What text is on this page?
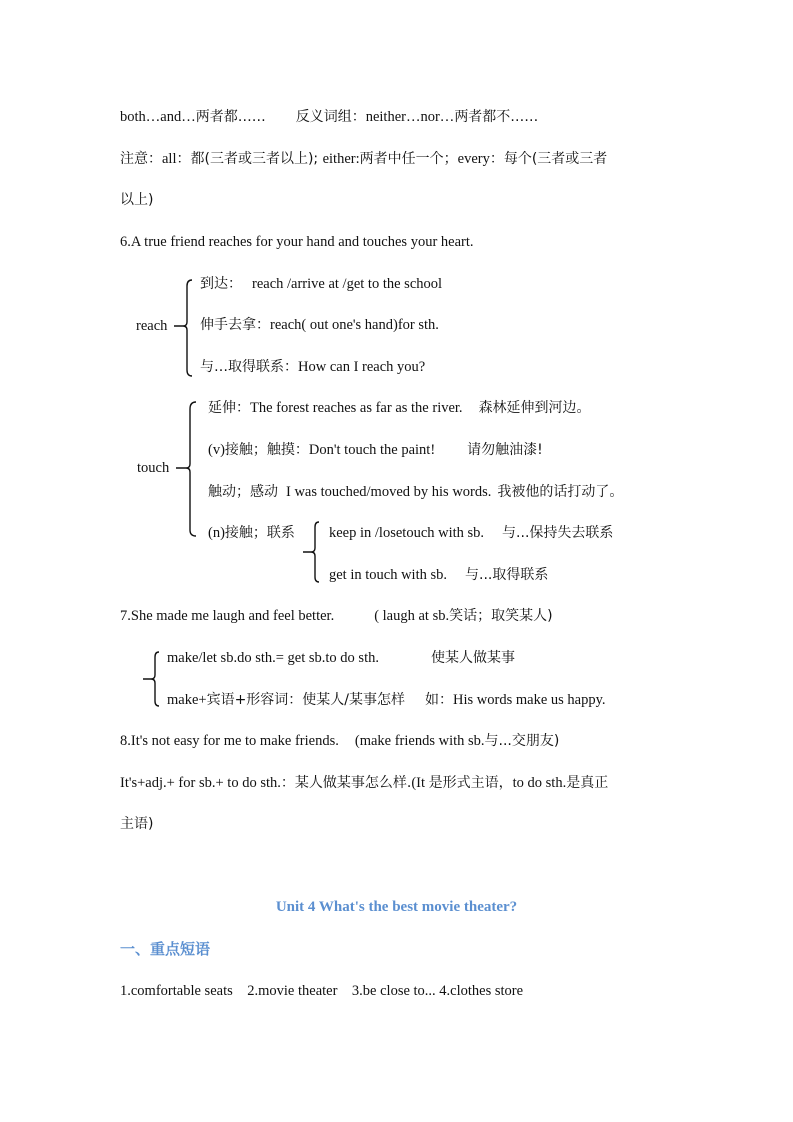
both…and…两者都…… 反义词组：neither…nor…两者都不……
注意：all：都(三者或三者以上); either:两者中任一个；every：每个(三者或三者
以上)
6.A true friend reaches for your hand and touches your heart.
reach
到达： reach /arrive at /get to the school
伸手去拿：reach( out one's hand)for sth.
与…取得联系：How can I reach you?
touch
延伸：The forest reaches as far as the river. 森林延伸到河边。
(v)接触；触摸：Don't touch the paint! 请勿触油漆!
触动；感动 I was touched/moved by his words. 我被他的话打动了。
(n)接触；联系 keep in /losetouch with sb. 与...保持失去联系
get in touch with sb. 与...取得联系
7.She made me laugh and feel better.	( laugh at sb.笑话；取笑某人)
make/let sb.do sth.= get sb.to do sth.	使某人做某事
make+宾语+形容词：使某人/某事怎样 如：His words make us happy.
8.It's not easy for me to make friends. (make friends with sb.与...交朋友)
It's+adj.+ for sb.+ to do sth.：某人做某事怎么样.(It 是形式主语，to do sth.是真正
主语)
Unit 4 What's the best movie theater?
一、重点短语
1.comfortable seats    2.movie theater    3.be close to... 4.clothes store
